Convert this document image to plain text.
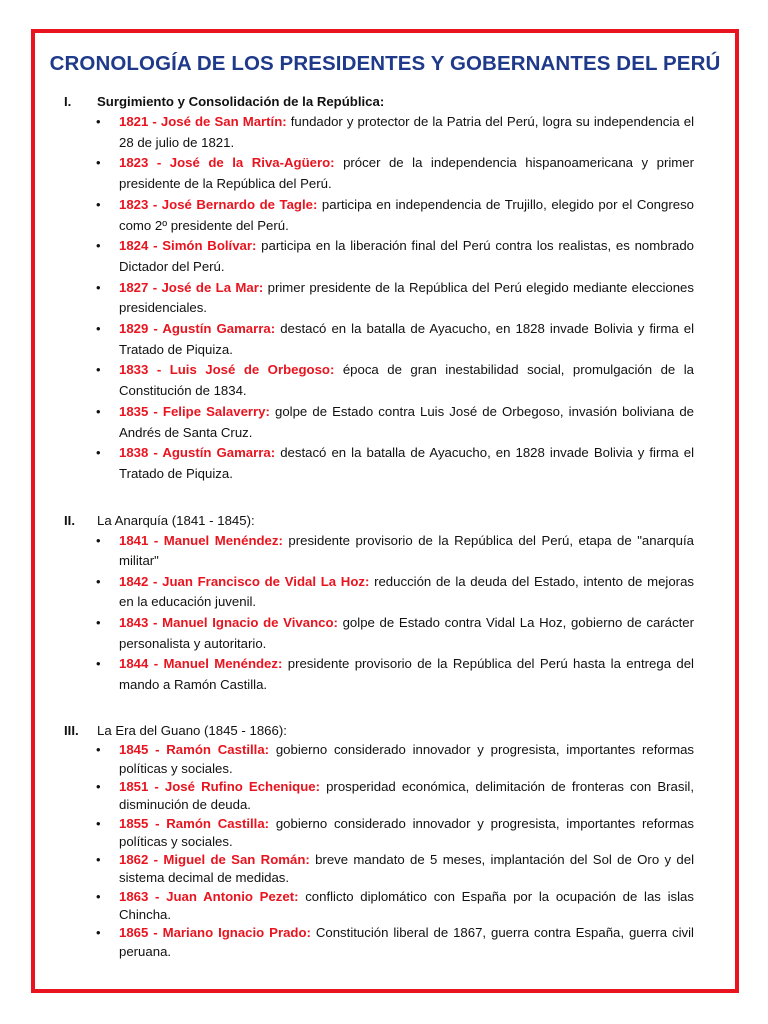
CRONOLOGÍA DE LOS PRESIDENTES Y GOBERNANTES DEL PERÚ
I.	Surgimiento y Consolidación de la República:
• 1821 - José de San Martín: fundador y protector de la Patria del Perú, logra su independencia el 28 de julio de 1821.
• 1823 - José de la Riva-Agüero: prócer de la independencia hispanoamericana y primer presidente de la República del Perú.
• 1823 - José Bernardo de Tagle: participa en independencia de Trujillo, elegido por el Congreso como 2º presidente del Perú.
• 1824 - Simón Bolívar: participa en la liberación final del Perú contra los realistas, es nombrado Dictador del Perú.
• 1827 - José de La Mar: primer presidente de la República del Perú elegido mediante elecciones presidenciales.
• 1829 - Agustín Gamarra: destacó en la batalla de Ayacucho, en 1828 invade Bolivia y firma el Tratado de Piquiza.
• 1833 - Luis José de Orbegoso: época de gran inestabilidad social, promulgación de la Constitución de 1834.
• 1835 - Felipe Salaverry: golpe de Estado contra Luis José de Orbegoso, invasión boliviana de Andrés de Santa Cruz.
• 1838 - Agustín Gamarra: destacó en la batalla de Ayacucho, en 1828 invade Bolivia y firma el Tratado de Piquiza.
II.	La Anarquía (1841 - 1845):
• 1841 - Manuel Menéndez: presidente provisorio de la República del Perú, etapa de "anarquía militar"
• 1842 - Juan Francisco de Vidal La Hoz: reducción de la deuda del Estado, intento de mejoras en la educación juvenil.
• 1843 - Manuel Ignacio de Vivanco: golpe de Estado contra Vidal La Hoz, gobierno de carácter personalista y autoritario.
• 1844 - Manuel Menéndez: presidente provisorio de la República del Perú hasta la entrega del mando a Ramón Castilla.
III.	La Era del Guano (1845 - 1866):
• 1845 - Ramón Castilla: gobierno considerado innovador y progresista, importantes reformas políticas y sociales.
• 1851 - José Rufino Echenique: prosperidad económica, delimitación de fronteras con Brasil, disminución de deuda.
• 1855 - Ramón Castilla: gobierno considerado innovador y progresista, importantes reformas políticas y sociales.
• 1862 - Miguel de San Román: breve mandato de 5 meses, implantación del Sol de Oro y del sistema decimal de medidas.
• 1863 - Juan Antonio Pezet: conflicto diplomático con España por la ocupación de las islas Chincha.
• 1865 - Mariano Ignacio Prado: Constitución liberal de 1867, guerra contra España, guerra civil peruana.
